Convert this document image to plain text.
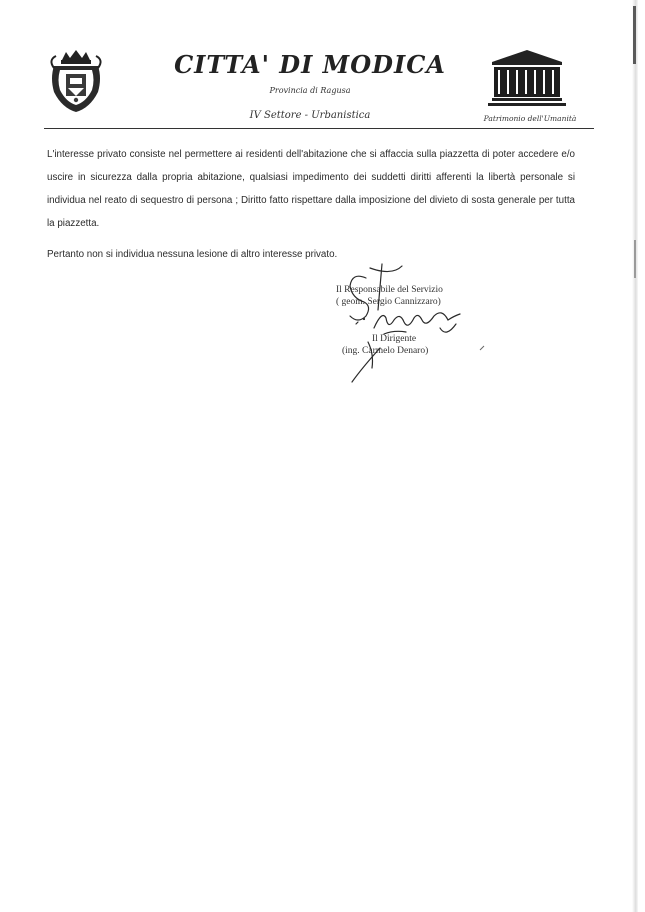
CITTA' DI MODICA
Provincia di Ragusa
IV Settore - Urbanistica	Patrimonio dell'Umanità

L'interesse privato consiste nel permettere ai residenti dell'abitazione che si affaccia sulla piazzetta di poter accedere e/o uscire in sicurezza dalla propria abitazione, qualsiasi impedimento dei suddetti diritti afferenti la libertà personale si individua nel reato di sequestro di persona ; Diritto fatto rispettare dalla imposizione del divieto di sosta generale per tutta la piazzetta.

Pertanto non si individua nessuna lesione di altro interesse privato.

Il Responsabile del Servizio
( geom. Sergio Cannizzaro)
Il Dirigente
(ing. Carmelo Denaro)
